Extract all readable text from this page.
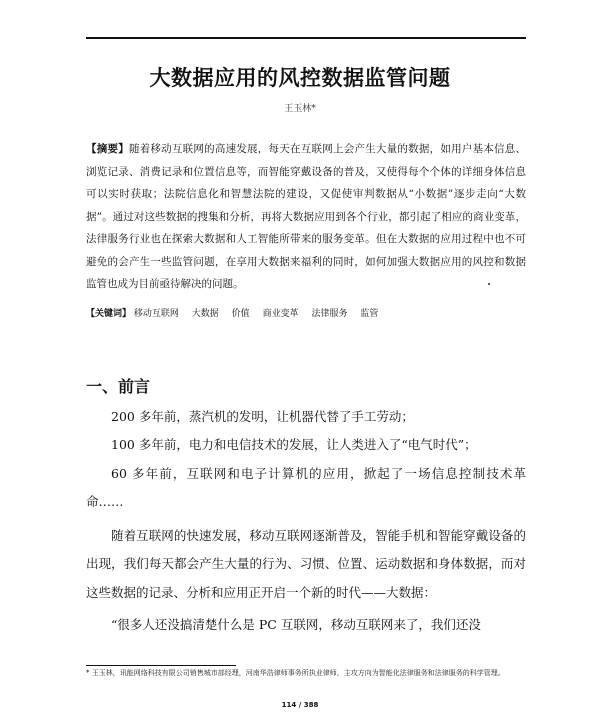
大数据应用的风控数据监管问题
王玉林*
【摘要】随着移动互联网的高速发展，每天在互联网上会产生大量的数据，如用户基本信息、浏览记录、消费记录和位置信息等，而智能穿戴设备的普及，又使得每个个体的详细身体信息可以实时获取；法院信息化和智慧法院的建设，又促使审判数据从“小数据”逐步走向“大数据”。通过对这些数据的搜集和分析，再将大数据应用到各个行业，都引起了相应的商业变革，法律服务行业也在探索大数据和人工智能所带来的服务变革。但在大数据的应用过程中也不可避免的会产生一些监管问题，在享用大数据来福利的同时，如何加强大数据应用的风控和数据监管也成为目前亟待解决的问题。
【关键词】 移动互联网 大数据 价值 商业变革 法律服务 监管
一、前言

200 多年前，蒸汽机的发明，让机器代替了手工劳动；

100 多年前，电力和电信技术的发展，让人类进入了“电气时代”；

60 多年前，互联网和电子计算机的应用，掀起了一场信息控制技术革命……

随着互联网的快速发展，移动互联网逐渐普及，智能手机和智能穿戴设备的出现，我们每天都会产生大量的行为、习惯、位置、运动数据和身体数据，而对这些数据的记录、分析和应用正开启一个新的时代——大数据：

“很多人还没搞清楚什么是 PC 互联网，移动互联网来了，我们还没

* 王玉林，讯能网络科技有限公司销售城市部经理，河南华浩律师事务所执业律师，主攻方向为智能化法律服务和法律服务的科学管理。
114 / 388
